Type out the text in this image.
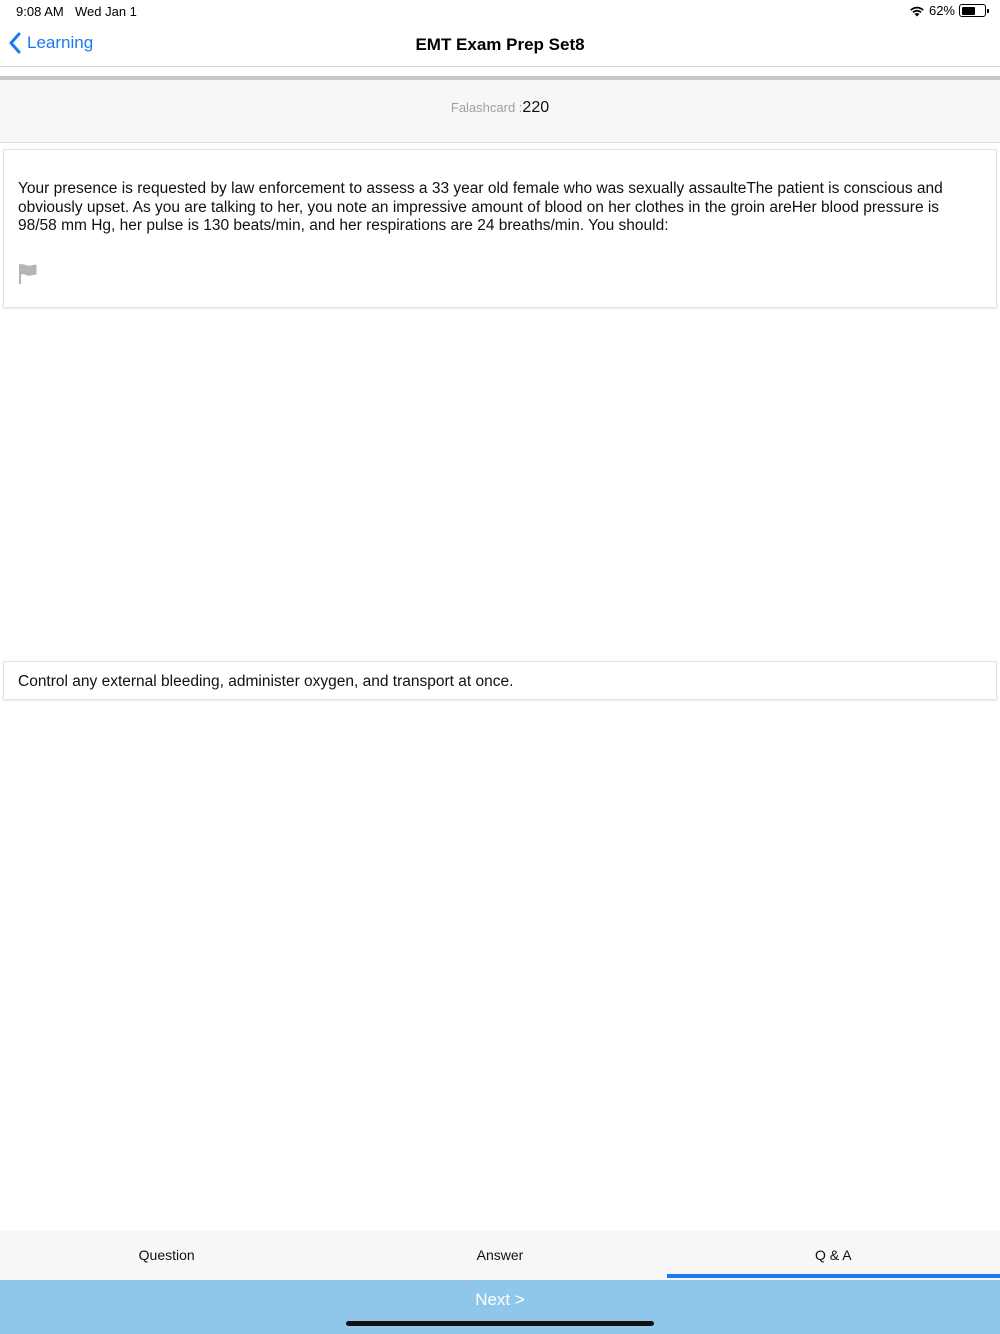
9:08 AM Wed Jan 1	62%
Learning	EMT Exam Prep Set8
Falashcard :220
Your presence is requested by law enforcement to assess a 33 year old female who was sexually assaulteThe patient is conscious and obviously upset. As you are talking to her, you note an impressive amount of blood on her clothes in the groin areHer blood pressure is 98/58 mm Hg, her pulse is 130 beats/min, and her respirations are 24 breaths/min. You should:
Control any external bleeding, administer oxygen, and transport at once.
Question	Answer	Q & A
Next >
